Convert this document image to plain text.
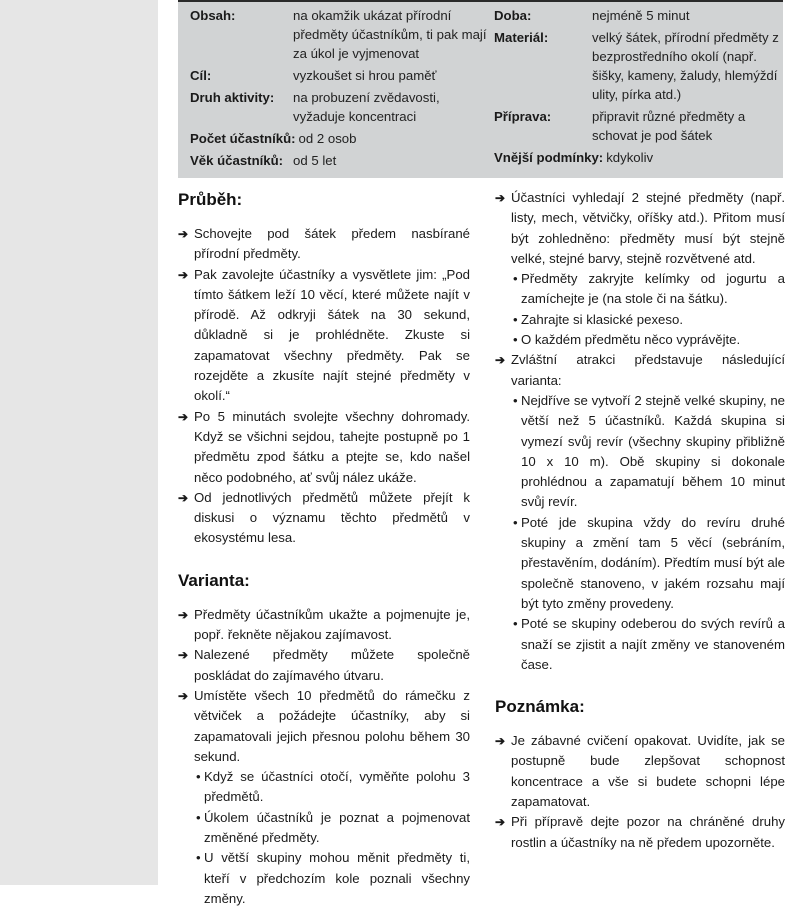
Obsah:	na okamžik ukázat přírodní předměty účastníkům, ti pak mají za úkol je vyjmenovat
Cíl:	vyzkoušet si hrou paměť
Druh aktivity:	na probuzení zvědavosti, vyžaduje koncentraci
Počet účastníků: od 2 osob
Věk účastníků: od 5 let
Doba:	nejméně 5 minut
Materiál:	velký šátek, přírodní předměty z bezprostředního okolí (např. šišky, kameny, žaludy, hlemýždí ulity, pírka atd.)
Příprava:	připravit různé předměty a schovat je pod šátek
Vnější podmínky: kdykoliv
Průběh:
➔ Schovejte pod šátek předem nasbírané přírodní předměty.
➔ Pak zavolejte účastníky a vysvětlete jim: „Pod tímto šátkem leží 10 věcí, které můžete najít v přírodě. Až odkryji šátek na 30 sekund, důkladně si je prohlédněte. Zkuste si zapamatovat všechny předměty. Pak se rozejděte a zkusíte najít stejné předměty v okolí.“
➔ Po 5 minutách svolejte všechny dohromady. Když se všichni sejdou, tahejte postupně po 1 předmětu zpod šátku a ptejte se, kdo našel něco podobného, ať svůj nález ukáže.
➔ Od jednotlivých předmětů můžete přejít k diskusi o významu těchto předmětů v ekosystému lesa.
Varianta:
➔ Předměty účastníkům ukažte a pojmenujte je, popř. řekněte nějakou zajímavost.
➔ Nalezené předměty můžete společně poskládat do zajímavého útvaru.
➔ Umístěte všech 10 předmětů do rámečku z větviček a požádejte účastníky, aby si zapamatovali jejich přesnou polohu během 30 sekund.
• Když se účastníci otočí, vyměňte polohu 3 předmětů.
• Úkolem účastníků je poznat a pojmenovat změněné předměty.
• U větší skupiny mohou měnit předměty ti, kteří v předchozím kole poznali všechny změny.
➔ Účastníci vyhledají 2 stejné předměty (např. listy, mech, větvičky, oříšky atd.). Přitom musí být zohledněno: předměty musí být stejně velké, stejné barvy, stejně rozvětvené atd.
• Předměty zakryjte kelímky od jogurtu a zamíchejte je (na stole či na šátku).
• Zahrajte si klasické pexeso.
• O každém předmětu něco vyprávějte.
➔ Zvláštní atrakci představuje následující varianta:
• Nejdříve se vytvoří 2 stejně velké skupiny, ne větší než 5 účastníků. Každá skupina si vymezí svůj revír (všechny skupiny přibližně 10 x 10 m). Obě skupiny si dokonale prohlédnou a zapamatují během 10 minut svůj revír.
• Poté jde skupina vždy do revíru druhé skupiny a změní tam 5 věcí (sebráním, přestavěním, dodáním). Předtím musí být ale společně stanoveno, v jakém rozsahu mají být tyto změny provedeny.
• Poté se skupiny odeberou do svých revírů a snaží se zjistit a najít změny ve stanoveném čase.
Poznámka:
➔ Je zábavné cvičení opakovat. Uvidíte, jak se postupně bude zlepšovat schopnost koncentrace a vše si budete schopni lépe zapamatovat.
➔ Při přípravě dejte pozor na chráněné druhy rostlin a účastníky na ně předem upozorněte.
